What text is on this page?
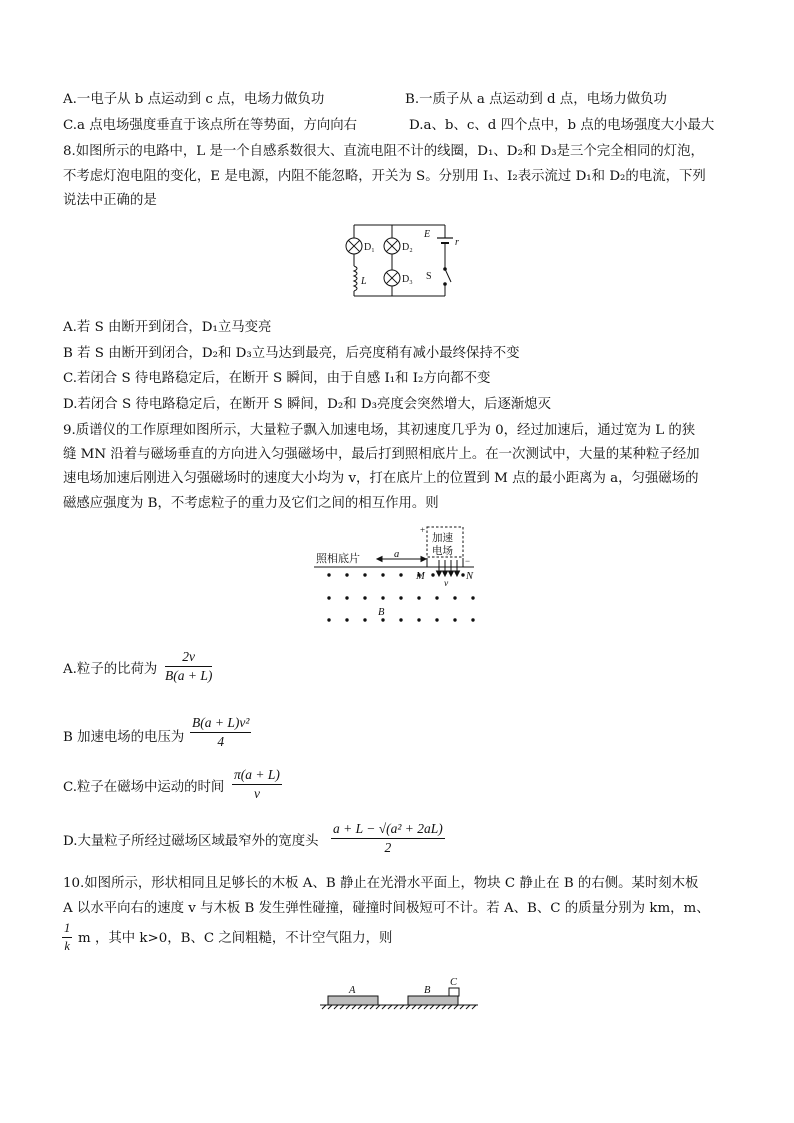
A.一电子从 b 点运动到 c 点，电场力做负功	B.一质子从 a 点运动到 d 点，电场力做负功
C.a 点电场强度垂直于该点所在等势面，方向向右	D.a、b、c、d 四个点中，b 点的电场强度大小最大
8.如图所示的电路中，L 是一个自感系数很大、直流电阻不计的线圈，D₁、D₂和 D₃是三个完全相同的灯泡，
不考虑灯泡电阻的变化，E 是电源，内阻不能忽略，开关为 S。分别用 I₁、I₂表示流过 D₁和 D₂的电流，下列
说法中正确的是
D₁	D₂
D₃
L
E
r
S
A.若 S 由断开到闭合，D₁立马变亮
B 若 S 由断开到闭合，D₂和 D₃立马达到最亮，后亮度稍有减小最终保持不变
C.若闭合 S 待电路稳定后，在断开 S 瞬间，由于自感 I₁和 I₂方向都不变
D.若闭合 S 待电路稳定后，在断开 S 瞬间，D₂和 D₃亮度会突然增大，后逐渐熄灭
9.质谱仪的工作原理如图所示，大量粒子飘入加速电场，其初速度几乎为 0，经过加速后，通过宽为 L 的狭
缝 MN 沿着与磁场垂直的方向进入匀强磁场中，最后打到照相底片上。在一次测试中，大量的某种粒子经加
速电场加速后刚进入匀强磁场时的速度大小均为 v，打在底片上的位置到 M 点的最小距离为 a，匀强磁场的
磁感应强度为 B，不考虑粒子的重力及它们之间的相互作用。则
照相底片
加速
电场
+
−
a
M	N
v
B
A.粒子的比荷为 $\frac{2v}{B(a + L)}$
B 加速电场的电压为 $\frac{\text{B(a + L)v²}}{4}$
C.粒子在磁场中运动的时间 $\frac{\pi(a + L)}{v}$
D.大量粒子所经过磁场区域最窄外的宽度头 $\frac{\text{a + L − √(a² + 2aL)}}{2}$
10.如图所示，形状相同且足够长的木板 A、B 静止在光滑水平面上，物块 C 静止在 B 的右侧。某时刻木板
A 以水平向右的速度 v 与木板 B 发生弹性碰撞，碰撞时间极短可不计。若 A、B、C 的质量分别为 km，m、
$\frac{1}{k}$ m ，其中 k>0，B、C 之间粗糙，不计空气阻力，则
A	B
C
